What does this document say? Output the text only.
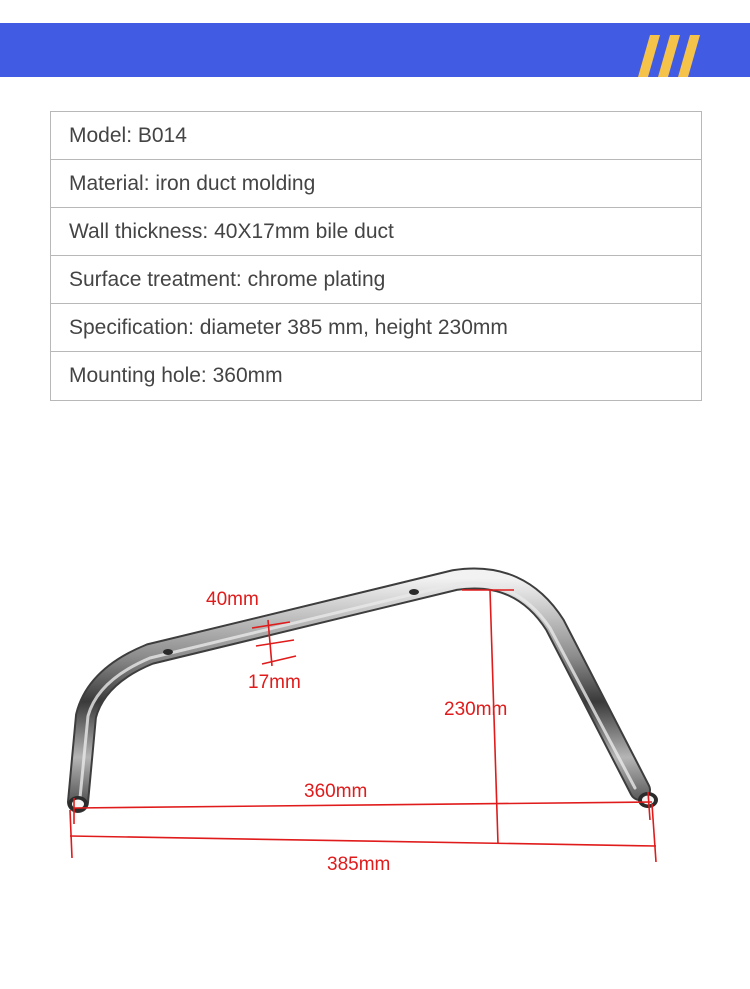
Model: B014
Material: iron duct molding
Wall thickness: 40X17mm bile duct
Surface treatment: chrome plating
Specification: diameter 385 mm, height 230mm
Mounting hole: 360mm
40mm
17mm
230mm
360mm
385mm
